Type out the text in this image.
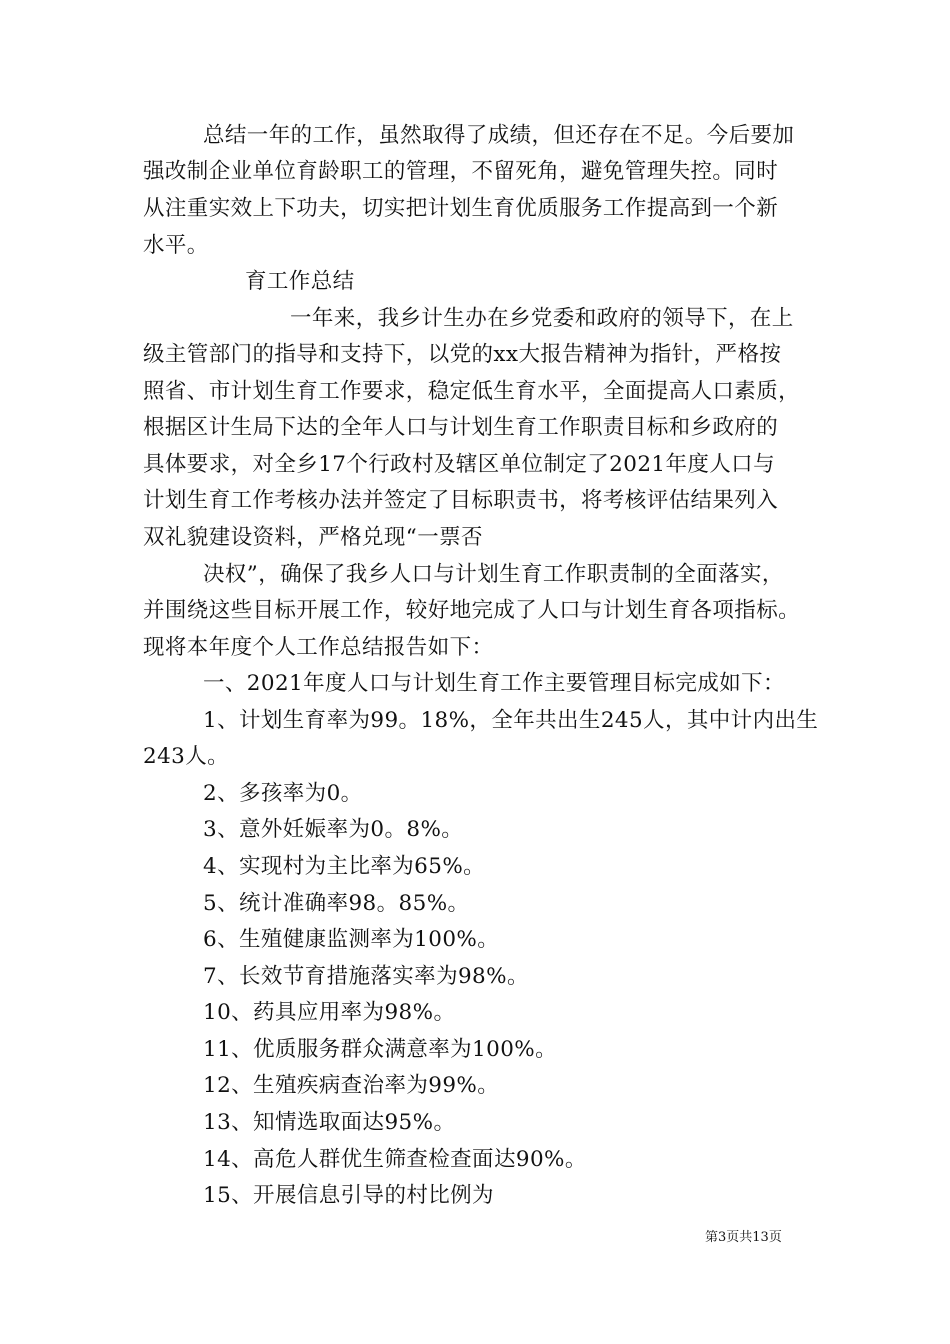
总结一年的工作，虽然取得了成绩，但还存在不足。今后要加
强改制企业单位育龄职工的管理，不留死角，避免管理失控。同时
从注重实效上下功夫，切实把计划生育优质服务工作提高到一个新
水平。
育工作总结
一年来，我乡计生办在乡党委和政府的领导下，在上
级主管部门的指导和支持下，以党的xx大报告精神为指针，严格按
照省、市计划生育工作要求，稳定低生育水平，全面提高人口素质，
根据区计生局下达的全年人口与计划生育工作职责目标和乡政府的
具体要求，对全乡17个行政村及辖区单位制定了2021年度人口与
计划生育工作考核办法并签定了目标职责书，将考核评估结果列入
双礼貌建设资料，严格兑现“一票否
决权”，确保了我乡人口与计划生育工作职责制的全面落实，
并围绕这些目标开展工作，较好地完成了人口与计划生育各项指标。
现将本年度个人工作总结报告如下：
一、2021年度人口与计划生育工作主要管理目标完成如下：
1、计划生育率为99。18%，全年共出生245人，其中计内出生
243人。
2、多孩率为0。
3、意外妊娠率为0。8%。
4、实现村为主比率为65%。
5、统计准确率98。85%。
6、生殖健康监测率为100%。
7、长效节育措施落实率为98%。
10、药具应用率为98%。
11、优质服务群众满意率为100%。
12、生殖疾病查治率为99%。
13、知情选取面达95%。
14、高危人群优生筛查检查面达90%。
15、开展信息引导的村比例为
第3页共13页
